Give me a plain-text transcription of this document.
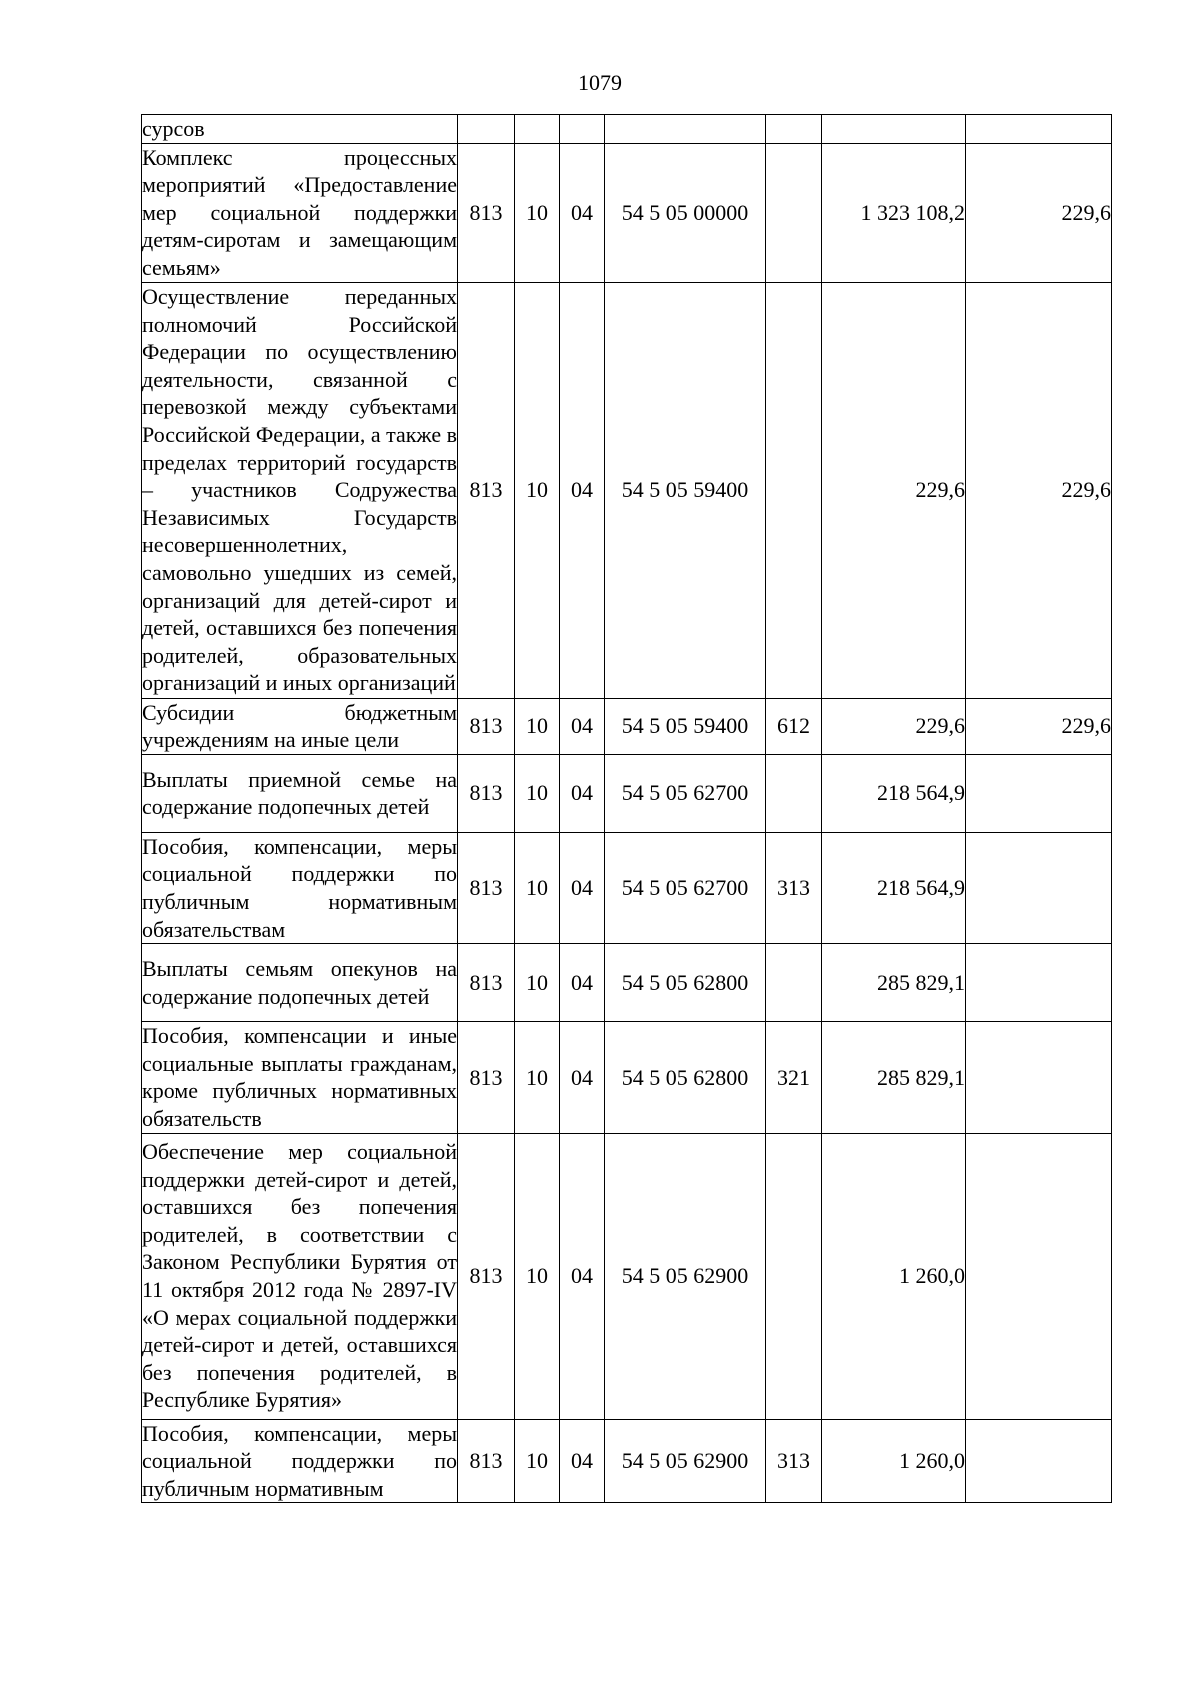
1079
сурсов							
Комплекс процессных мероприятий «Предоставление мер социальной поддержки детям-сиротам и замещающим семьям»	813	10	04	54 5 05 00000		1 323 108,2	229,6
Осуществление переданных полномочий Российской Федерации по осуществлению деятельности, связанной с перевозкой между субъектами Российской Федерации, а также в пределах территорий государств – участников Содружества Независимых Государств несовершеннолетних, самовольно ушедших из семей, организаций для детей-сирот и детей, оставшихся без попечения родителей, образовательных организаций и иных организаций	813	10	04	54 5 05 59400		229,6	229,6
Субсидии бюджетным учреждениям на иные цели	813	10	04	54 5 05 59400	612	229,6	229,6
Выплаты приемной семье на содержание подопечных детей	813	10	04	54 5 05 62700		218 564,9	
Пособия, компенсации, меры социальной поддержки по публичным нормативным обязательствам	813	10	04	54 5 05 62700	313	218 564,9	
Выплаты семьям опекунов на содержание подопечных детей	813	10	04	54 5 05 62800		285 829,1	
Пособия, компенсации и иные социальные выплаты гражданам, кроме публичных нормативных обязательств	813	10	04	54 5 05 62800	321	285 829,1	
Обеспечение мер социальной поддержки детей-сирот и детей, оставшихся без попечения родителей, в соответствии с Законом Республики Бурятия от 11 октября 2012 года № 2897-IV «О мерах социальной поддержки детей-сирот и детей, оставшихся без попечения родителей, в Республике Бурятия»	813	10	04	54 5 05 62900		1 260,0	
Пособия, компенсации, меры социальной поддержки по публичным нормативным	813	10	04	54 5 05 62900	313	1 260,0	
